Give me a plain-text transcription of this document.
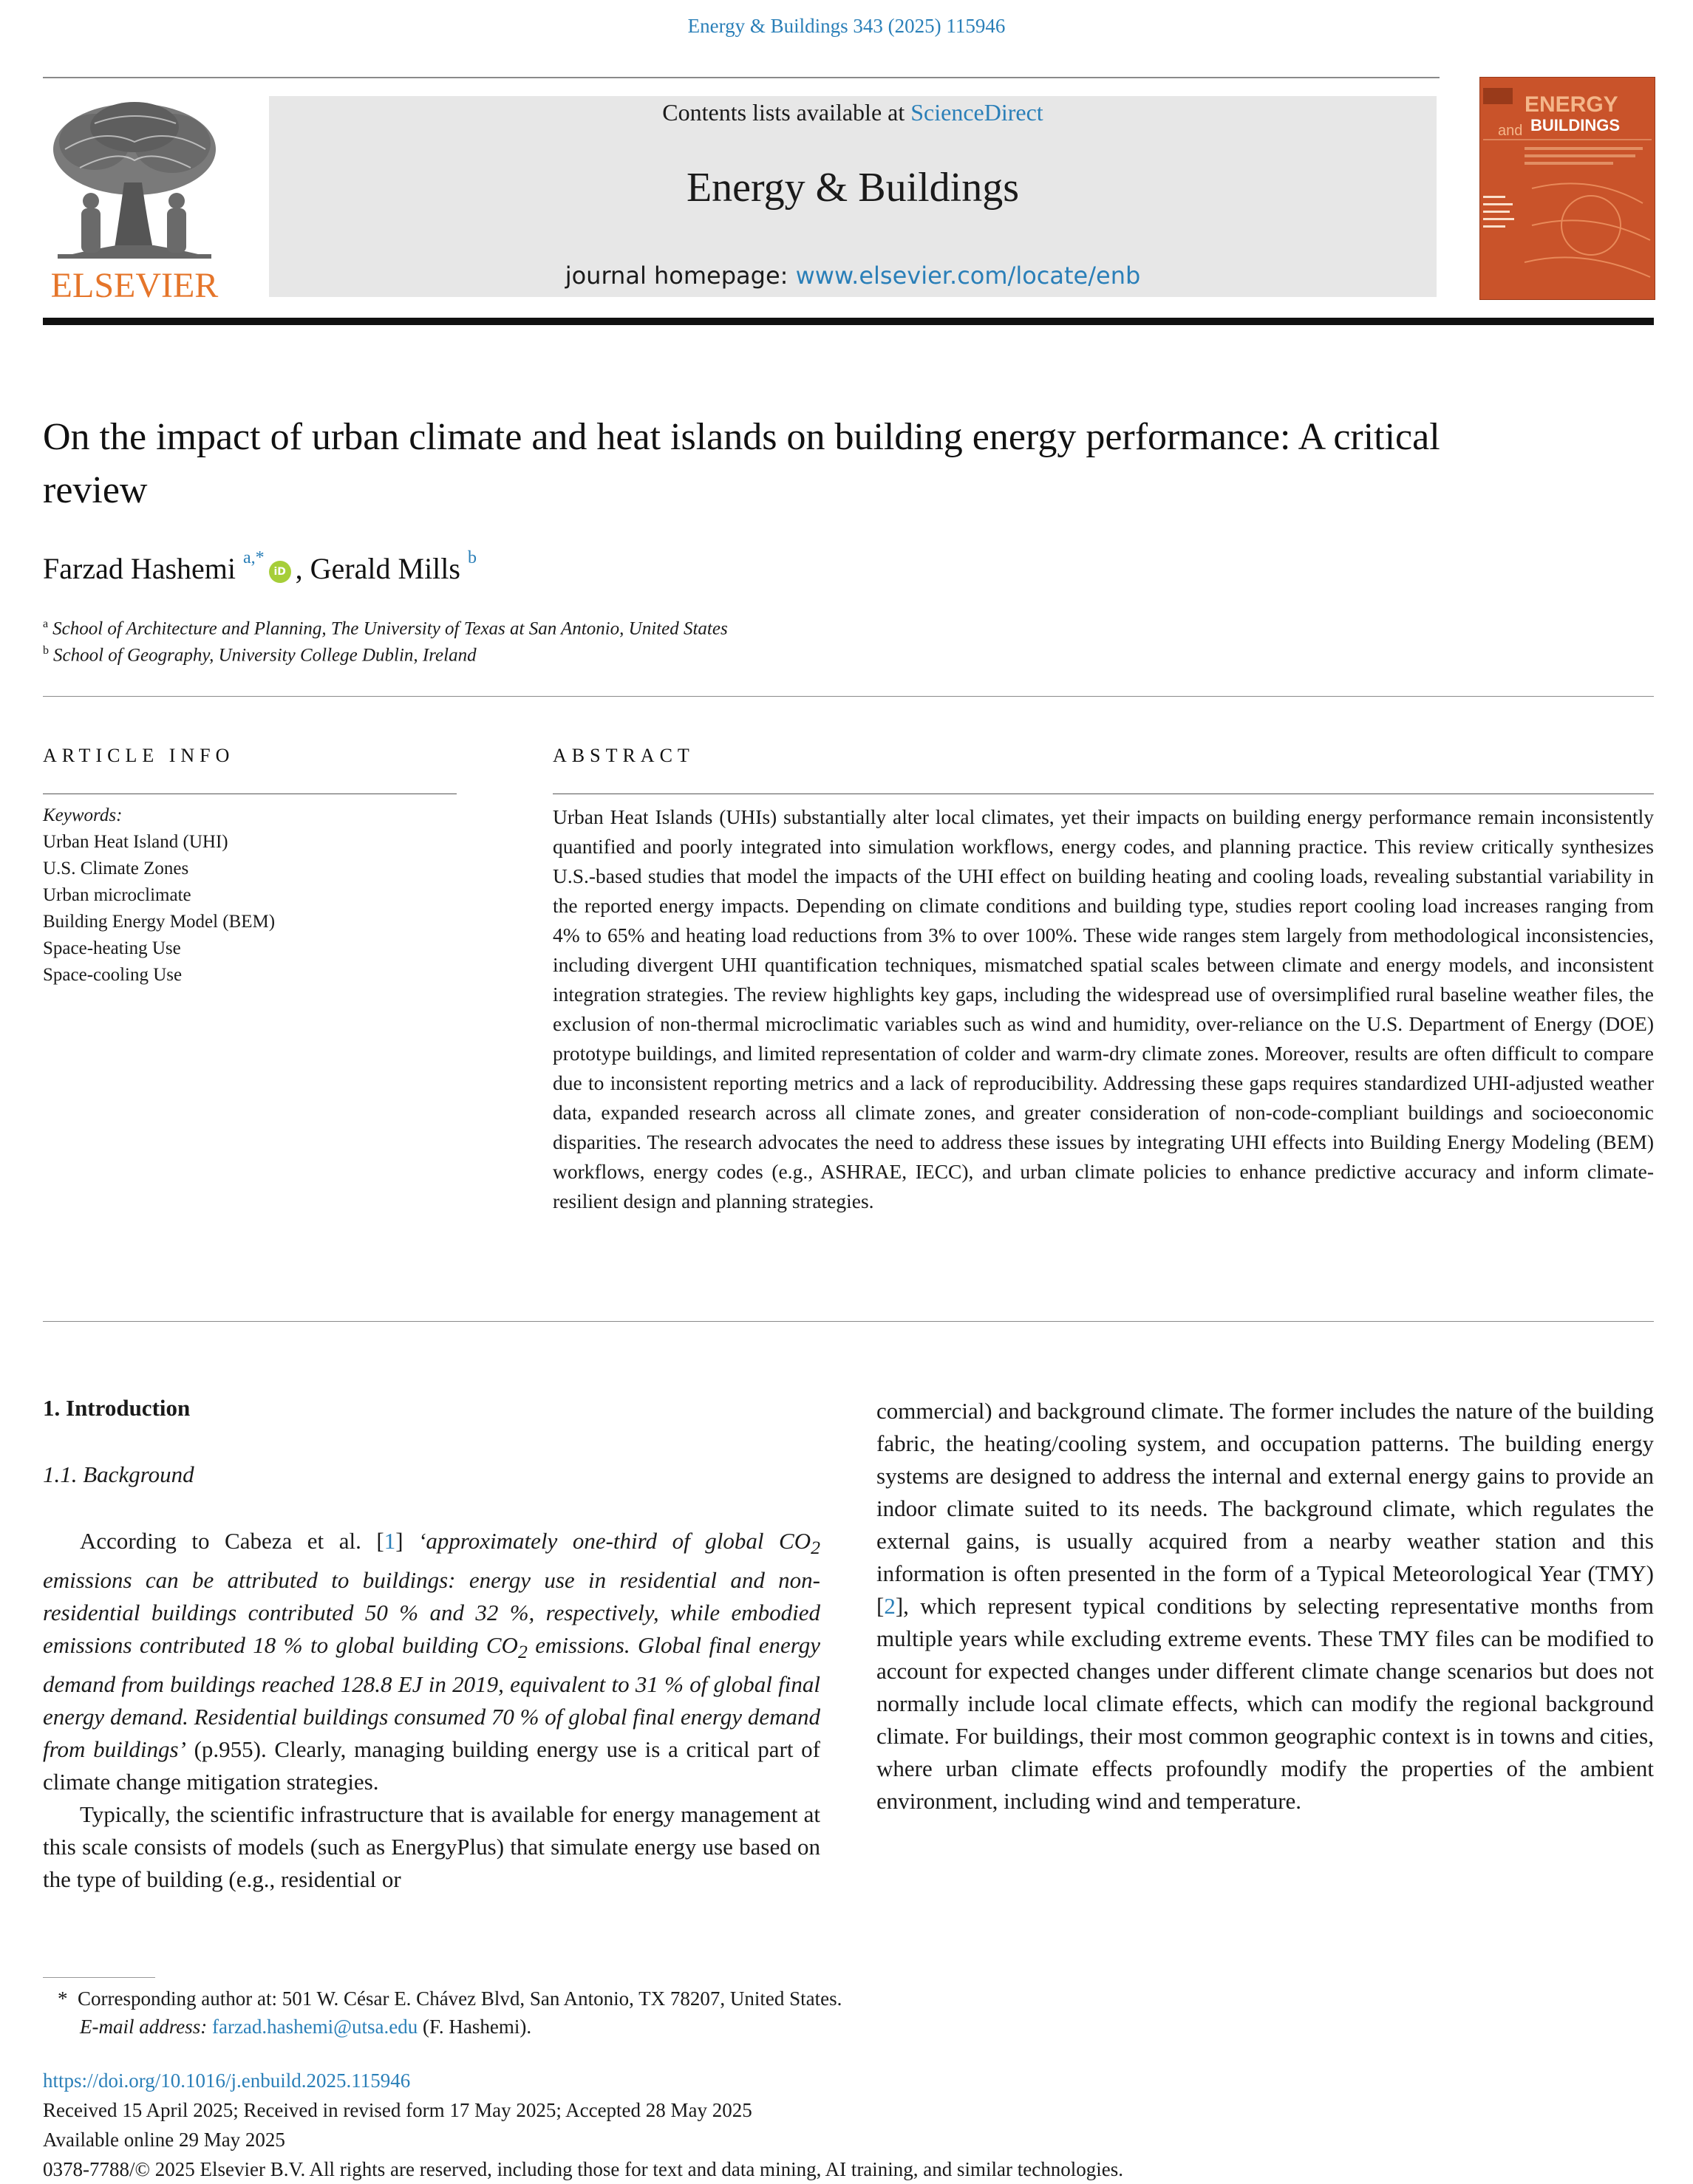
Energy & Buildings 343 (2025) 115946
ELSEVIER
Contents lists available at ScienceDirect
Energy & Buildings
journal homepage: www.elsevier.com/locate/enb
ENERGY
and BUILDINGS
On the impact of urban climate and heat islands on building energy performance: A critical review
Farzad Hashemi $^{a,*}$iD , Gerald Mills $^b$
$^a$ School of Architecture and Planning, The University of Texas at San Antonio, United States
$^b$ School of Geography, University College Dublin, Ireland
ARTICLE INFO
Keywords:
Urban Heat Island (UHI)
U.S. Climate Zones
Urban microclimate
Building Energy Model (BEM)
Space-heating Use
Space-cooling Use
ABSTRACT
Urban Heat Islands (UHIs) substantially alter local climates, yet their impacts on building energy performance remain inconsistently quantified and poorly integrated into simulation workflows, energy codes, and planning practice. This review critically synthesizes U.S.-based studies that model the impacts of the UHI effect on building heating and cooling loads, revealing substantial variability in the reported energy impacts. Depending on climate conditions and building type, studies report cooling load increases ranging from 4% to 65% and heating load reductions from 3% to over 100%. These wide ranges stem largely from methodological inconsistencies, including divergent UHI quantification techniques, mismatched spatial scales between climate and energy models, and inconsistent integration strategies. The review highlights key gaps, including the widespread use of oversimplified rural baseline weather files, the exclusion of non-thermal microclimatic variables such as wind and humidity, over-reliance on the U.S. Department of Energy (DOE) prototype buildings, and limited representation of colder and warm-dry climate zones. Moreover, results are often difficult to compare due to inconsistent reporting metrics and a lack of reproducibility. Addressing these gaps requires standardized UHI-adjusted weather data, expanded research across all climate zones, and greater consideration of non-code-compliant buildings and socioeconomic disparities. The research advocates the need to address these issues by integrating UHI effects into Building Energy Modeling (BEM) workflows, energy codes (e.g., ASHRAE, IECC), and urban climate policies to enhance predictive accuracy and inform climate-resilient design and planning strategies.
1. Introduction
1.1. Background

According to Cabeza et al. [1] ‘approximately one-third of global $CO_2$ emissions can be attributed to buildings: energy use in residential and non-residential buildings contributed 50 % and 32 %, respectively, while embodied emissions contributed 18 % to global building $CO_2$ emissions. Global final energy demand from buildings reached 128.8 EJ in 2019, equivalent to 31 % of global final energy demand. Residential buildings consumed 70 % of global final energy demand from buildings’ (p.955). Clearly, managing building energy use is a critical part of climate change mitigation strategies.

Typically, the scientific infrastructure that is available for energy management at this scale consists of models (such as EnergyPlus) that simulate energy use based on the type of building (e.g., residential or

commercial) and background climate. The former includes the nature of the building fabric, the heating/cooling system, and occupation patterns. The building energy systems are designed to address the internal and external energy gains to provide an indoor climate suited to its needs. The background climate, which regulates the external gains, is usually acquired from a nearby weather station and this information is often presented in the form of a Typical Meteorological Year (TMY)[2], which represent typical conditions by selecting representative months from multiple years while excluding extreme events. These TMY files can be modified to account for expected changes under different climate change scenarios but does not normally include local climate effects, which can modify the regional background climate. For buildings, their most common geographic context is in towns and cities, where urban climate effects profoundly modify the properties of the ambient environment, including wind and temperature.

* Corresponding author at: 501 W. César E. Chávez Blvd, San Antonio, TX 78207, United States.
E-mail address: farzad.hashemi@utsa.edu (F. Hashemi).
https://doi.org/10.1016/j.enbuild.2025.115946
Received 15 April 2025; Received in revised form 17 May 2025; Accepted 28 May 2025
Available online 29 May 2025
0378-7788/© 2025 Elsevier B.V. All rights are reserved, including those for text and data mining, AI training, and similar technologies.
